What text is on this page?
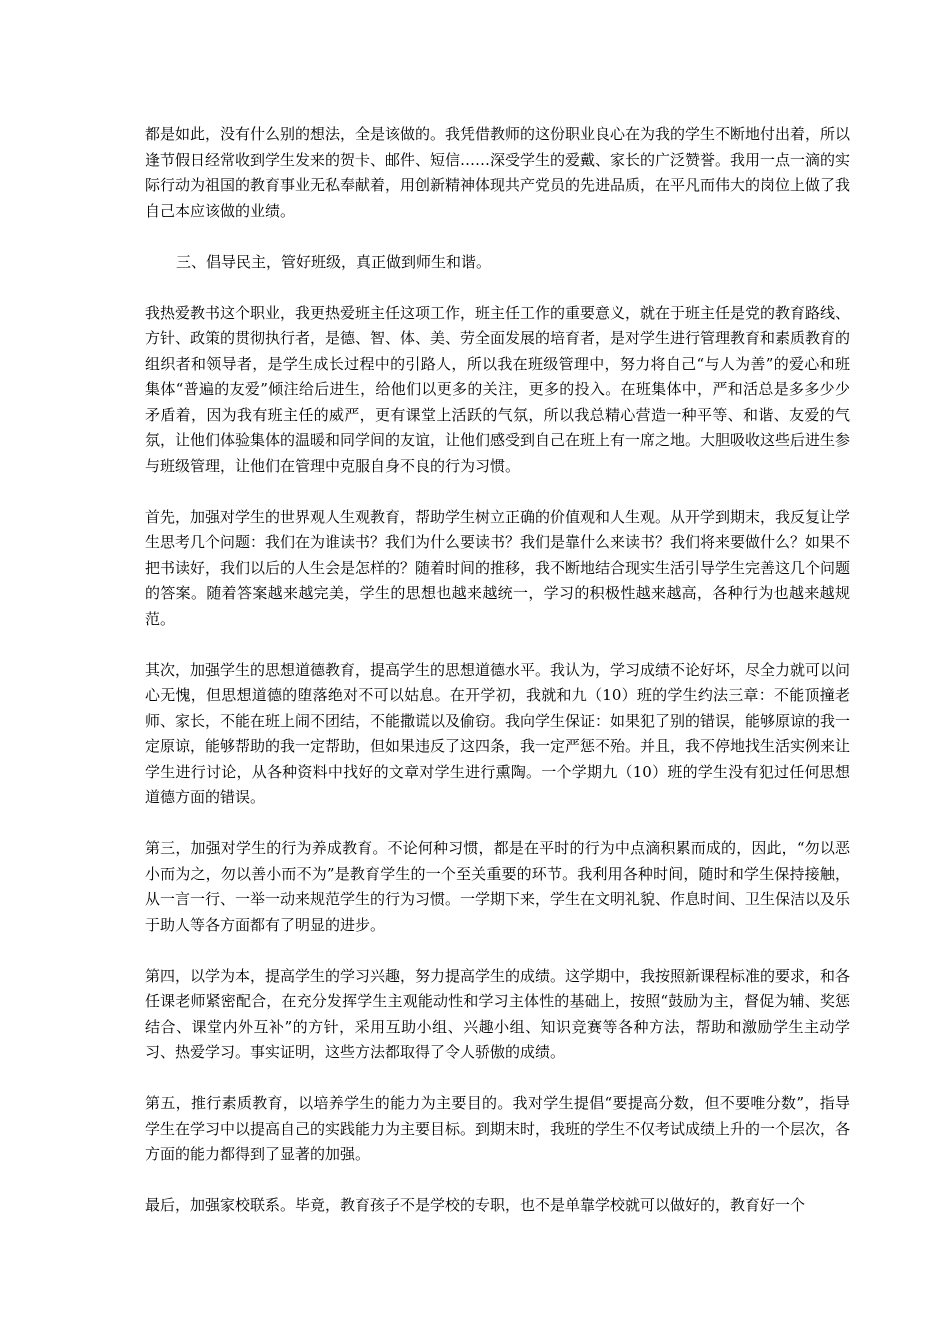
都是如此，没有什么别的想法，全是该做的。我凭借教师的这份职业良心在为我的学生不断地付出着，所以逢节假日经常收到学生发来的贺卡、邮件、短信……深受学生的爱戴、家长的广泛赞誉。我用一点一滴的实际行动为祖国的教育事业无私奉献着，用创新精神体现共产党员的先进品质，在平凡而伟大的岗位上做了我自己本应该做的业绩。

三、倡导民主，管好班级，真正做到师生和谐。

我热爱教书这个职业，我更热爱班主任这项工作，班主任工作的重要意义，就在于班主任是党的教育路线、方针、政策的贯彻执行者，是德、智、体、美、劳全面发展的培育者，是对学生进行管理教育和素质教育的组织者和领导者，是学生成长过程中的引路人，所以我在班级管理中，努力将自己“与人为善”的爱心和班集体“普遍的友爱”倾注给后进生，给他们以更多的关注，更多的投入。在班集体中，严和活总是多多少少矛盾着，因为我有班主任的威严，更有课堂上活跃的气氛，所以我总精心营造一种平等、和谐、友爱的气氛，让他们体验集体的温暖和同学间的友谊，让他们感受到自己在班上有一席之地。大胆吸收这些后进生参与班级管理，让他们在管理中克服自身不良的行为习惯。

首先，加强对学生的世界观人生观教育，帮助学生树立正确的价值观和人生观。从开学到期末，我反复让学生思考几个问题：我们在为谁读书？我们为什么要读书？我们是靠什么来读书？我们将来要做什么？如果不把书读好，我们以后的人生会是怎样的？随着时间的推移，我不断地结合现实生活引导学生完善这几个问题的答案。随着答案越来越完美，学生的思想也越来越统一，学习的积极性越来越高，各种行为也越来越规范。

其次，加强学生的思想道德教育，提高学生的思想道德水平。我认为，学习成绩不论好坏，尽全力就可以问心无愧，但思想道德的堕落绝对不可以姑息。在开学初，我就和九（10）班的学生约法三章：不能顶撞老师、家长，不能在班上闹不团结，不能撒谎以及偷窃。我向学生保证：如果犯了别的错误，能够原谅的我一定原谅，能够帮助的我一定帮助，但如果违反了这四条，我一定严惩不殆。并且，我不停地找生活实例来让学生进行讨论，从各种资料中找好的文章对学生进行熏陶。一个学期九（10）班的学生没有犯过任何思想道德方面的错误。

第三，加强对学生的行为养成教育。不论何种习惯，都是在平时的行为中点滴积累而成的，因此，“勿以恶小而为之，勿以善小而不为”是教育学生的一个至关重要的环节。我利用各种时间，随时和学生保持接触，从一言一行、一举一动来规范学生的行为习惯。一学期下来，学生在文明礼貌、作息时间、卫生保洁以及乐于助人等各方面都有了明显的进步。

第四，以学为本，提高学生的学习兴趣，努力提高学生的成绩。这学期中，我按照新课程标准的要求，和各任课老师紧密配合，在充分发挥学生主观能动性和学习主体性的基础上，按照“鼓励为主，督促为辅、奖惩结合、课堂内外互补”的方针，采用互助小组、兴趣小组、知识竞赛等各种方法，帮助和激励学生主动学习、热爱学习。事实证明，这些方法都取得了令人骄傲的成绩。

第五，推行素质教育，以培养学生的能力为主要目的。我对学生提倡“要提高分数，但不要唯分数”，指导学生在学习中以提高自己的实践能力为主要目标。到期末时，我班的学生不仅考试成绩上升的一个层次，各方面的能力都得到了显著的加强。

最后，加强家校联系。毕竟，教育孩子不是学校的专职，也不是单靠学校就可以做好的，教育好一个
